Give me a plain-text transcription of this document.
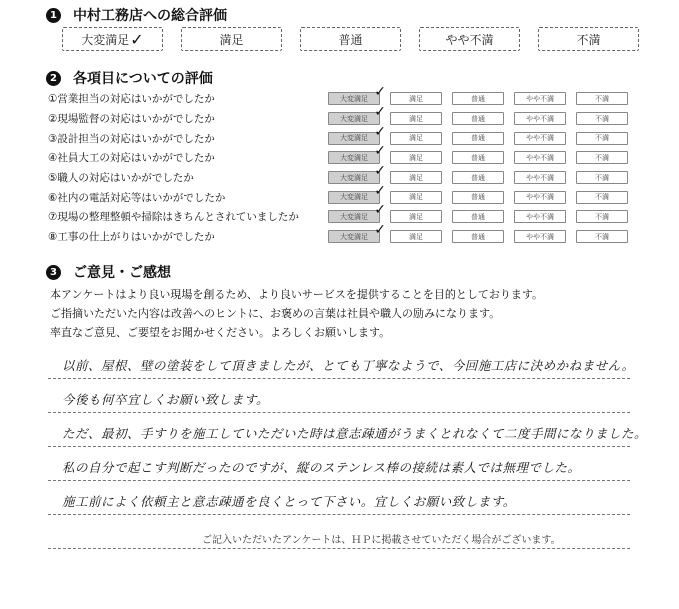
1 中村工務店への総合評価
大変満足 ✓	満足	普通	やや不満	不満
2 各項目についての評価
①営業担当の対応はいかがでしたか	大変満足 ✓	満足	普通	やや不満	不満
②現場監督の対応はいかがでしたか	大変満足 ✓	満足	普通	やや不満	不満
③設計担当の対応はいかがでしたか	大変満足 ✓	満足	普通	やや不満	不満
④社員大工の対応はいかがでしたか	大変満足 ✓	満足	普通	やや不満	不満
⑤職人の対応はいかがでしたか	大変満足 ✓	満足	普通	やや不満	不満
⑥社内の電話対応等はいかがでしたか	大変満足 ✓	満足	普通	やや不満	不満
⑦現場の整理整頓や掃除はきちんとされていましたか	大変満足 ✓	満足	普通	やや不満	不満
⑧工事の仕上がりはいかがでしたか	大変満足 ✓	満足	普通	やや不満	不満
3 ご意見・ご感想
本アンケートはより良い現場を創るため、より良いサービスを提供することを目的としております。
ご指摘いただいた内容は改善へのヒントに、お褒めの言葉は社員や職人の励みになります。
率直なご意見、ご要望をお聞かせください。よろしくお願いします。
以前、屋根、壁の塗装をして頂きましたが、とても丁寧なようで、今回施工店に決めかねません。
今後も何卒宜しくお願い致します。
ただ、最初、手すりを施工していただいた時は意志疎通がうまくとれなくて二度手間になりました。
私の自分で起こす判断だったのですが、縦のステンレス棒の接続は素人では無理でした。
施工前によく依頼主と意志疎通を良くとって下さい。宜しくお願い致します。
ご記入いただいたアンケートは、ＨＰに掲載させていただく場合がございます。
